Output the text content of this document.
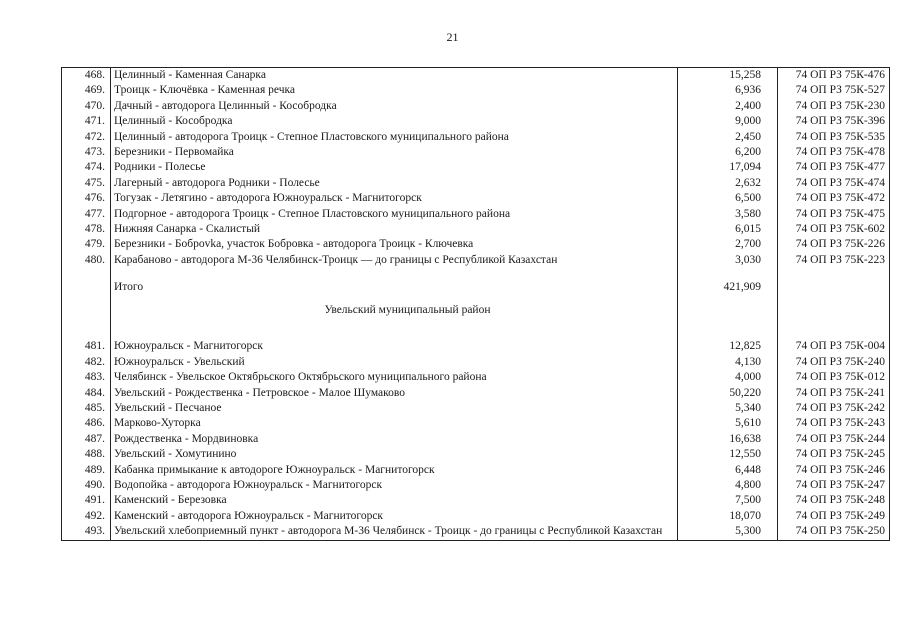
21
468.	Целинный - Каменная Санарка	15,258	74 ОП РЗ 75К-476
469.	Троицк - Ключёвка - Каменная речка	6,936	74 ОП РЗ 75К-527
470.	Дачный - автодорога Целинный - Кособродка	2,400	74 ОП РЗ 75К-230
471.	Целинный - Кособродка	9,000	74 ОП РЗ 75К-396
472.	Целинный - автодорога Троицк - Степное Пластовского муниципального района	2,450	74 ОП РЗ 75К-535
473.	Березники - Первомайка	6,200	74 ОП РЗ 75К-478
474.	Родники - Полесье	17,094	74 ОП РЗ 75К-477
475.	Лагерный - автодорога Родники - Полесье	2,632	74 ОП РЗ 75К-474
476.	Тогузак - Летягино - автодорога Южноуральск - Магнитогорск	6,500	74 ОП РЗ 75К-472
477.	Подгорное - автодорога Троицк - Степное Пластовского муниципального района	3,580	74 ОП РЗ 75К-475
478.	Нижняя Санарка - Скалистый	6,015	74 ОП РЗ 75К-602
479.	Березники - Боброvka, участок Бобровка - автодорога Троицк - Ключевка	2,700	74 ОП РЗ 75К-226
480.	Карабаново - автодорога М-36 Челябинск-Троицк — до границы с Республикой Казахстан	3,030	74 ОП РЗ 75К-223

	Итого	421,909	
	Увельский муниципальный район		

481.	Южноуральск - Магнитогорск	12,825	74 ОП РЗ 75К-004
482.	Южноуральск - Увельский	4,130	74 ОП РЗ 75К-240
483.	Челябинск - Увельское Октябрьского Октябрьского муниципального района	4,000	74 ОП РЗ 75К-012
484.	Увельский - Рождественка - Петровское - Малое Шумаково	50,220	74 ОП РЗ 75К-241
485.	Увельский - Песчаное	5,340	74 ОП РЗ 75К-242
486.	Марково-Хуторка	5,610	74 ОП РЗ 75К-243
487.	Рождественка - Мордвиновка	16,638	74 ОП РЗ 75К-244
488.	Увельский - Хомутинино	12,550	74 ОП РЗ 75К-245
489.	Кабанка примыкание к автодороге Южноуральск - Магнитогорск	6,448	74 ОП РЗ 75К-246
490.	Водопойка - автодорога Южноуральск - Магнитогорск	4,800	74 ОП РЗ 75К-247
491.	Каменский - Березовка	7,500	74 ОП РЗ 75К-248
492.	Каменский - автодорога Южноуральск - Магнитогорск	18,070	74 ОП РЗ 75К-249
493.	Увельский хлебоприемный пункт - автодорога М-36 Челябинск - Троицк - до границы с Республикой Казахстан	5,300	74 ОП РЗ 75К-250
